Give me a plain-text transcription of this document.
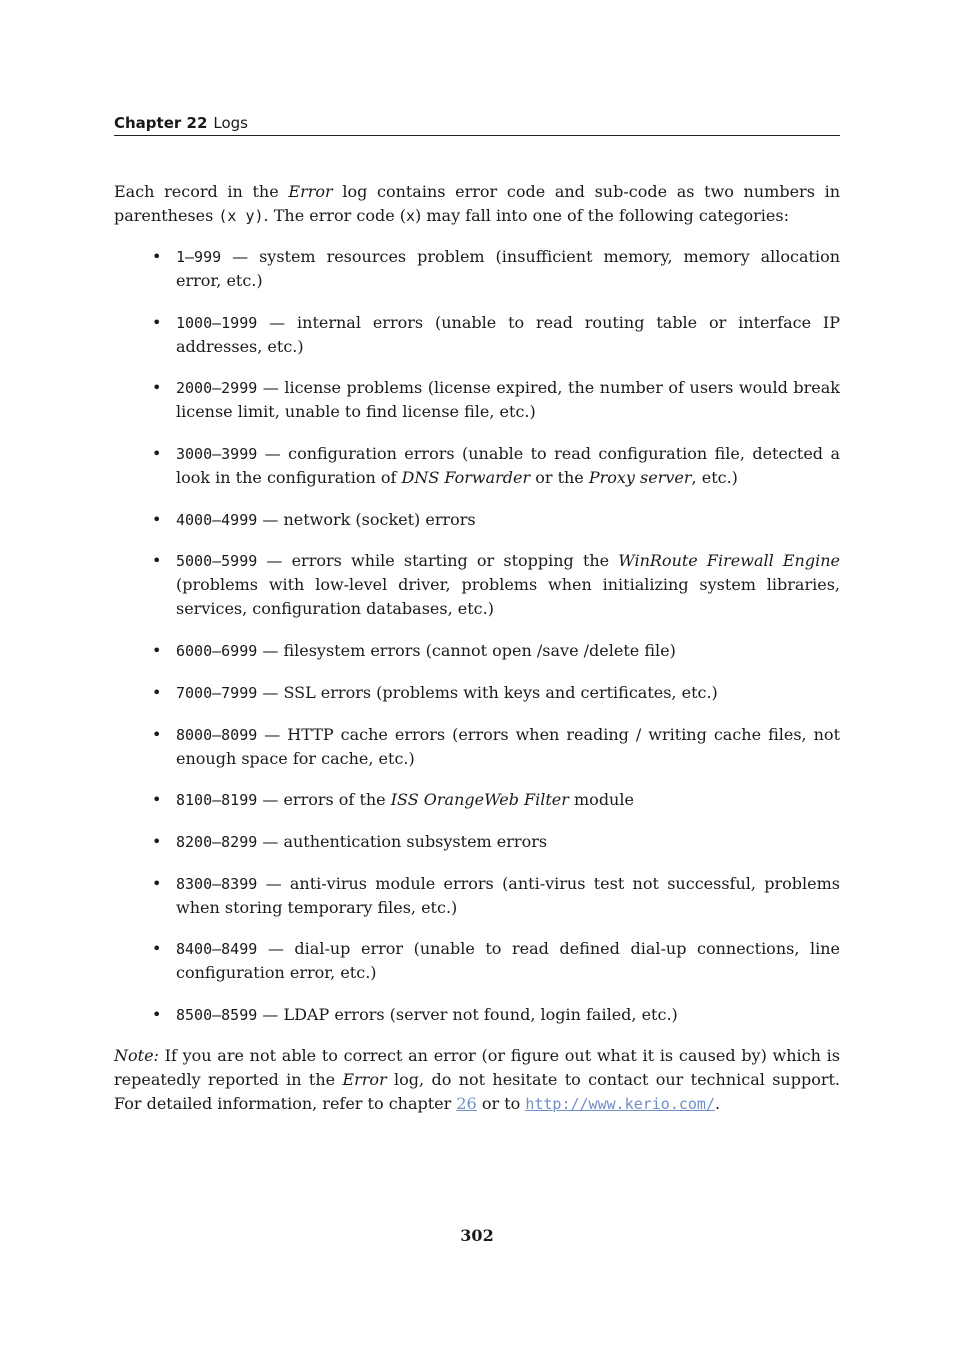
Chapter 22 Logs

Each record in the Error log contains error code and sub-code as two numbers in parentheses (x y). The error code (x) may fall into one of the following categories:

• 1–999 — system resources problem (insufficient memory, memory allocation error, etc.)
• 1000–1999 — internal errors (unable to read routing table or interface IP addresses, etc.)
• 2000–2999 — license problems (license expired, the number of users would break license limit, unable to find license file, etc.)
• 3000–3999 — configuration errors (unable to read configuration file, detected a look in the configuration of DNS Forwarder or the Proxy server, etc.)
• 4000–4999 — network (socket) errors
• 5000–5999 — errors while starting or stopping the WinRoute Firewall Engine (problems with low-level driver, problems when initializing system libraries, services, configuration databases, etc.)
• 6000–6999 — filesystem errors (cannot open /save /delete file)
• 7000–7999 — SSL errors (problems with keys and certificates, etc.)
• 8000–8099 — HTTP cache errors (errors when reading / writing cache files, not enough space for cache, etc.)
• 8100–8199 — errors of the ISS OrangeWeb Filter module
• 8200–8299 — authentication subsystem errors
• 8300–8399 — anti-virus module errors (anti-virus test not successful, problems when storing temporary files, etc.)
• 8400–8499 — dial-up error (unable to read defined dial-up connections, line configuration error, etc.)
• 8500–8599 — LDAP errors (server not found, login failed, etc.)

Note: If you are not able to correct an error (or figure out what it is caused by) which is repeatedly reported in the Error log, do not hesitate to contact our technical support. For detailed information, refer to chapter 26 or to http://www.kerio.com/.

302
